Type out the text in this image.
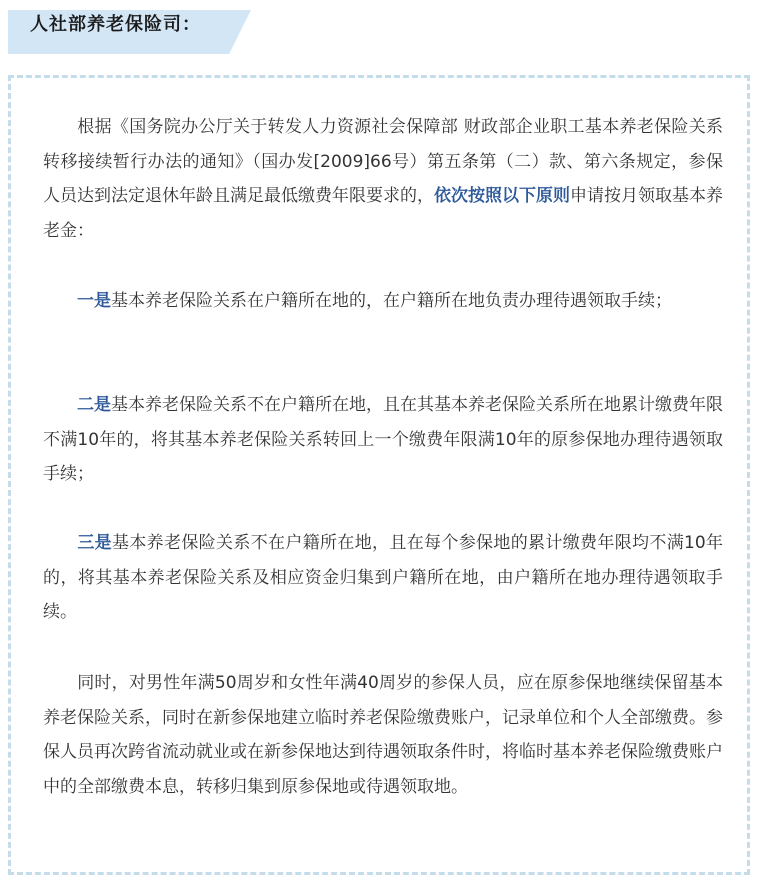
人社部养老保险司：
根据《国务院办公厅关于转发人力资源社会保障部 财政部企业职工基本养老保险关系转移接续暂行办法的通知》（国办发[2009]66号）第五条第（二）款、第六条规定，参保人员达到法定退休年龄且满足最低缴费年限要求的，依次按照以下原则申请按月领取基本养老金：
一是基本养老保险关系在户籍所在地的，在户籍所在地负责办理待遇领取手续；
二是基本养老保险关系不在户籍所在地，且在其基本养老保险关系所在地累计缴费年限不满10年的，将其基本养老保险关系转回上一个缴费年限满10年的原参保地办理待遇领取手续；
三是基本养老保险关系不在户籍所在地，且在每个参保地的累计缴费年限均不满10年的，将其基本养老保险关系及相应资金归集到户籍所在地，由户籍所在地办理待遇领取手续。
同时，对男性年满50周岁和女性年满40周岁的参保人员，应在原参保地继续保留基本养老保险关系，同时在新参保地建立临时养老保险缴费账户，记录单位和个人全部缴费。参保人员再次跨省流动就业或在新参保地达到待遇领取条件时，将临时基本养老保险缴费账户中的全部缴费本息，转移归集到原参保地或待遇领取地。
